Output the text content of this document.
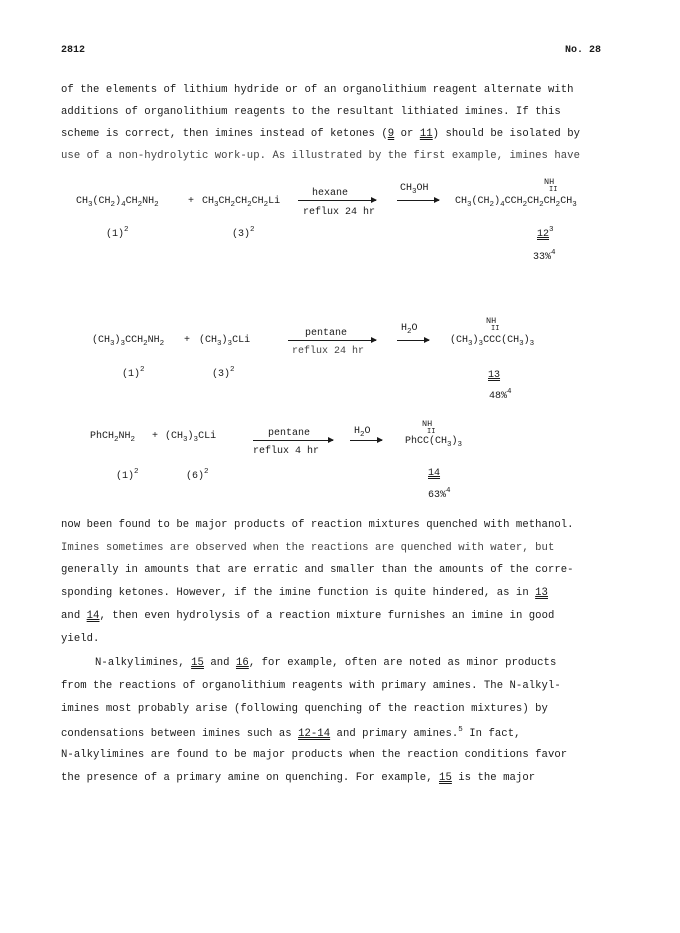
2812	No. 28
of the elements of lithium hydride or of an organolithium reagent alternate with
additions of organolithium reagents to the resultant lithiated imines. If this
scheme is correct, then imines instead of ketones (9 or 11) should be isolated by
use of a non-hydrolytic work-up. As illustrated by the first example, imines have
$CH_3(CH_2)_4CH_2NH_2$	+ $CH_3CH_2CH_2CH_2Li$
hexane
reflux 24 hr
$CH_3OH$
NH
II
$CH_3(CH_2)_4CCH_2CH_2CH_2CH_3$
$(1)^2$	$(3)^2$	$12^3$
33%$^4$
$(CH_3)_3CCH_2NH_2 + (CH_3)_3CLi$
pentane
reflux 24 hr
$H_2O$
NH
II
$(CH_3)_3CCC(CH_3)_3$
$(1)^2$	$(3)^2$	13
48%$^4$
$PhCH_2NH_2 + (CH_3)_3CLi$	pentane
reflux 4 hr
$H_2O$
NH
II
$PhCC(CH_3)_3$
$(1)^2$	$(6)^2$	14
63%$^4$
now been found to be major products of reaction mixtures quenched with methanol.
Imines sometimes are observed when the reactions are quenched with water, but
generally in amounts that are erratic and smaller than the amounts of the corre-
sponding ketones. However, if the imine function is quite hindered, as in 13
and 14, then even hydrolysis of a reaction mixture furnishes an imine in good
yield.
N-alkylimines, 15 and 16, for example, often are noted as minor products
from the reactions of organolithium reagents with primary amines. The N-alkyl-
imines most probably arise (following quenching of the reaction mixtures) by
condensations between imines such as 12-14 and primary amines.$^5$ In fact,
N-alkylimines are found to be major products when the reaction conditions favor
the presence of a primary amine on quenching. For example, 15 is the major
